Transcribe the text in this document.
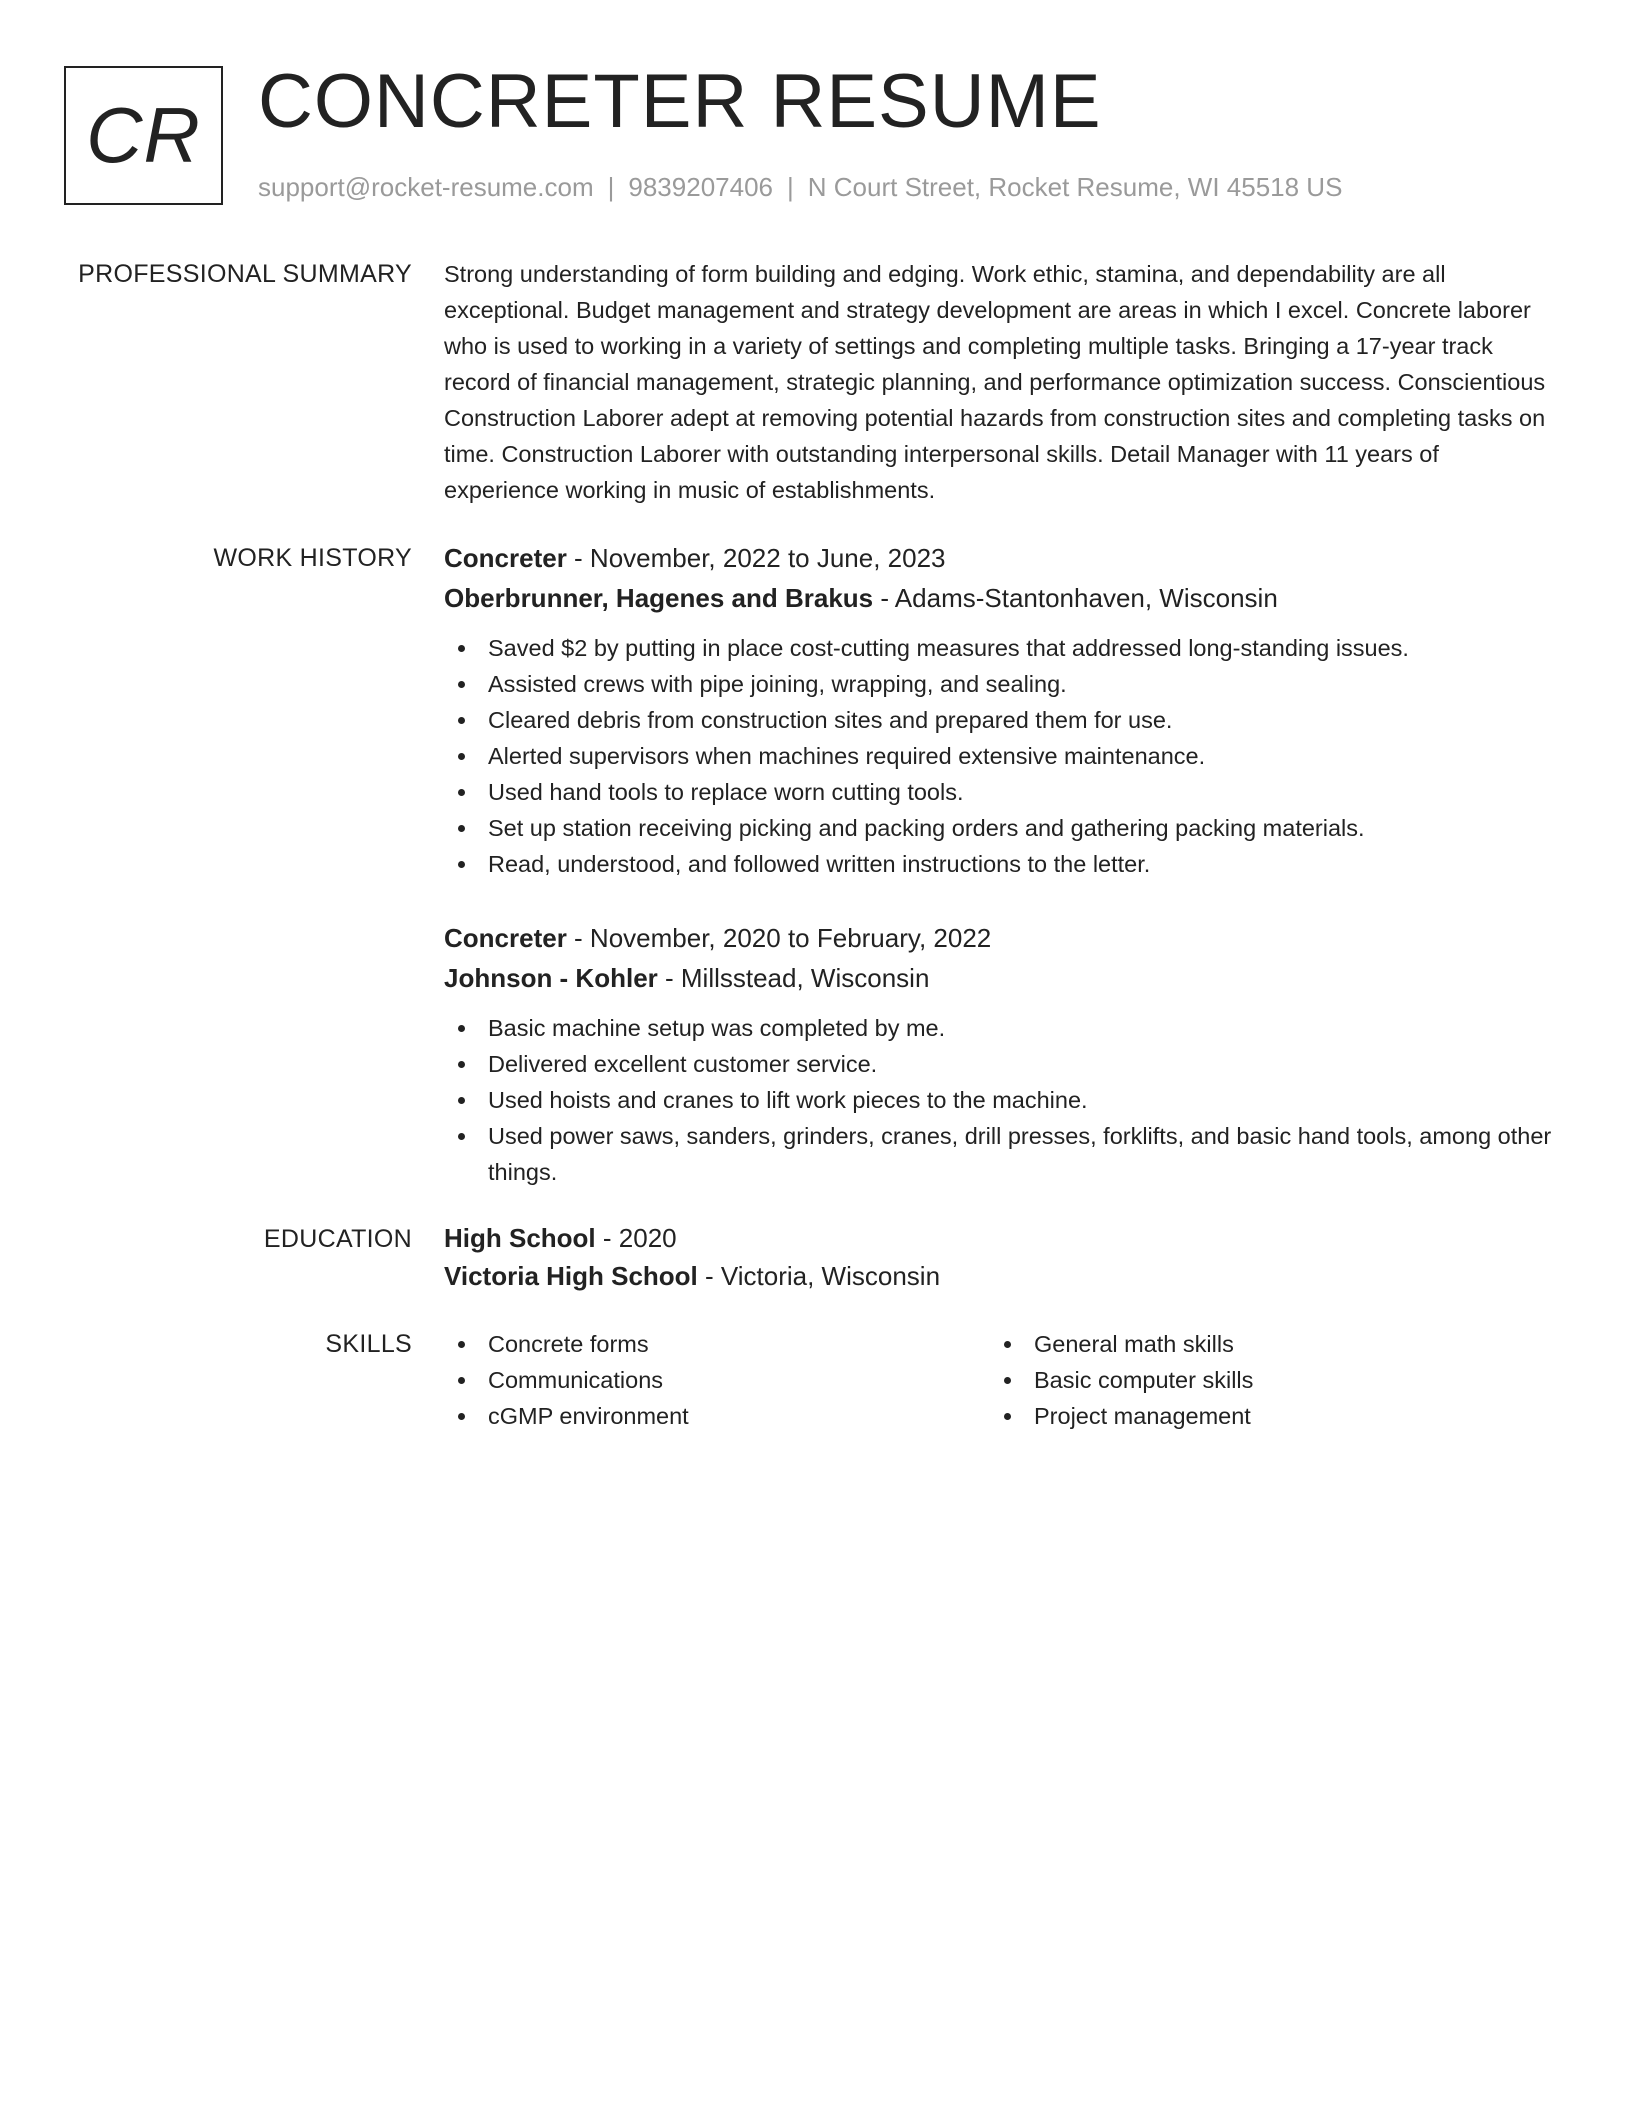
CR CONCRETER RESUME
support@rocket-resume.com | 9839207406 | N Court Street, Rocket Resume, WI 45518 US
PROFESSIONAL SUMMARY Strong understanding of form building and edging. Work ethic, stamina, and dependability are all exceptional. Budget management and strategy development are areas in which I excel. Concrete laborer who is used to working in a variety of settings and completing multiple tasks. Bringing a 17-year track record of financial management, strategic planning, and performance optimization success. Conscientious Construction Laborer adept at removing potential hazards from construction sites and completing tasks on time. Construction Laborer with outstanding interpersonal skills. Detail Manager with 11 years of experience working in music of establishments.

WORK HISTORY Concreter - November, 2022 to June, 2023
Oberbrunner, Hagenes and Brakus - Adams-Stantonhaven, Wisconsin
Saved $2 by putting in place cost-cutting measures that addressed long-standing issues.
Assisted crews with pipe joining, wrapping, and sealing.
Cleared debris from construction sites and prepared them for use.
Alerted supervisors when machines required extensive maintenance.
Used hand tools to replace worn cutting tools.
Set up station receiving picking and packing orders and gathering packing materials.
Read, understood, and followed written instructions to the letter.
Concreter - November, 2020 to February, 2022
Johnson - Kohler - Millsstead, Wisconsin
Basic machine setup was completed by me.
Delivered excellent customer service.
Used hoists and cranes to lift work pieces to the machine.
Used power saws, sanders, grinders, cranes, drill presses, forklifts, and basic hand tools, among other things.
EDUCATION High School - 2020
Victoria High School - Victoria, Wisconsin
SKILLS	Concrete forms
Communications
cGMP environment
General math skills
Basic computer skills
Project management
